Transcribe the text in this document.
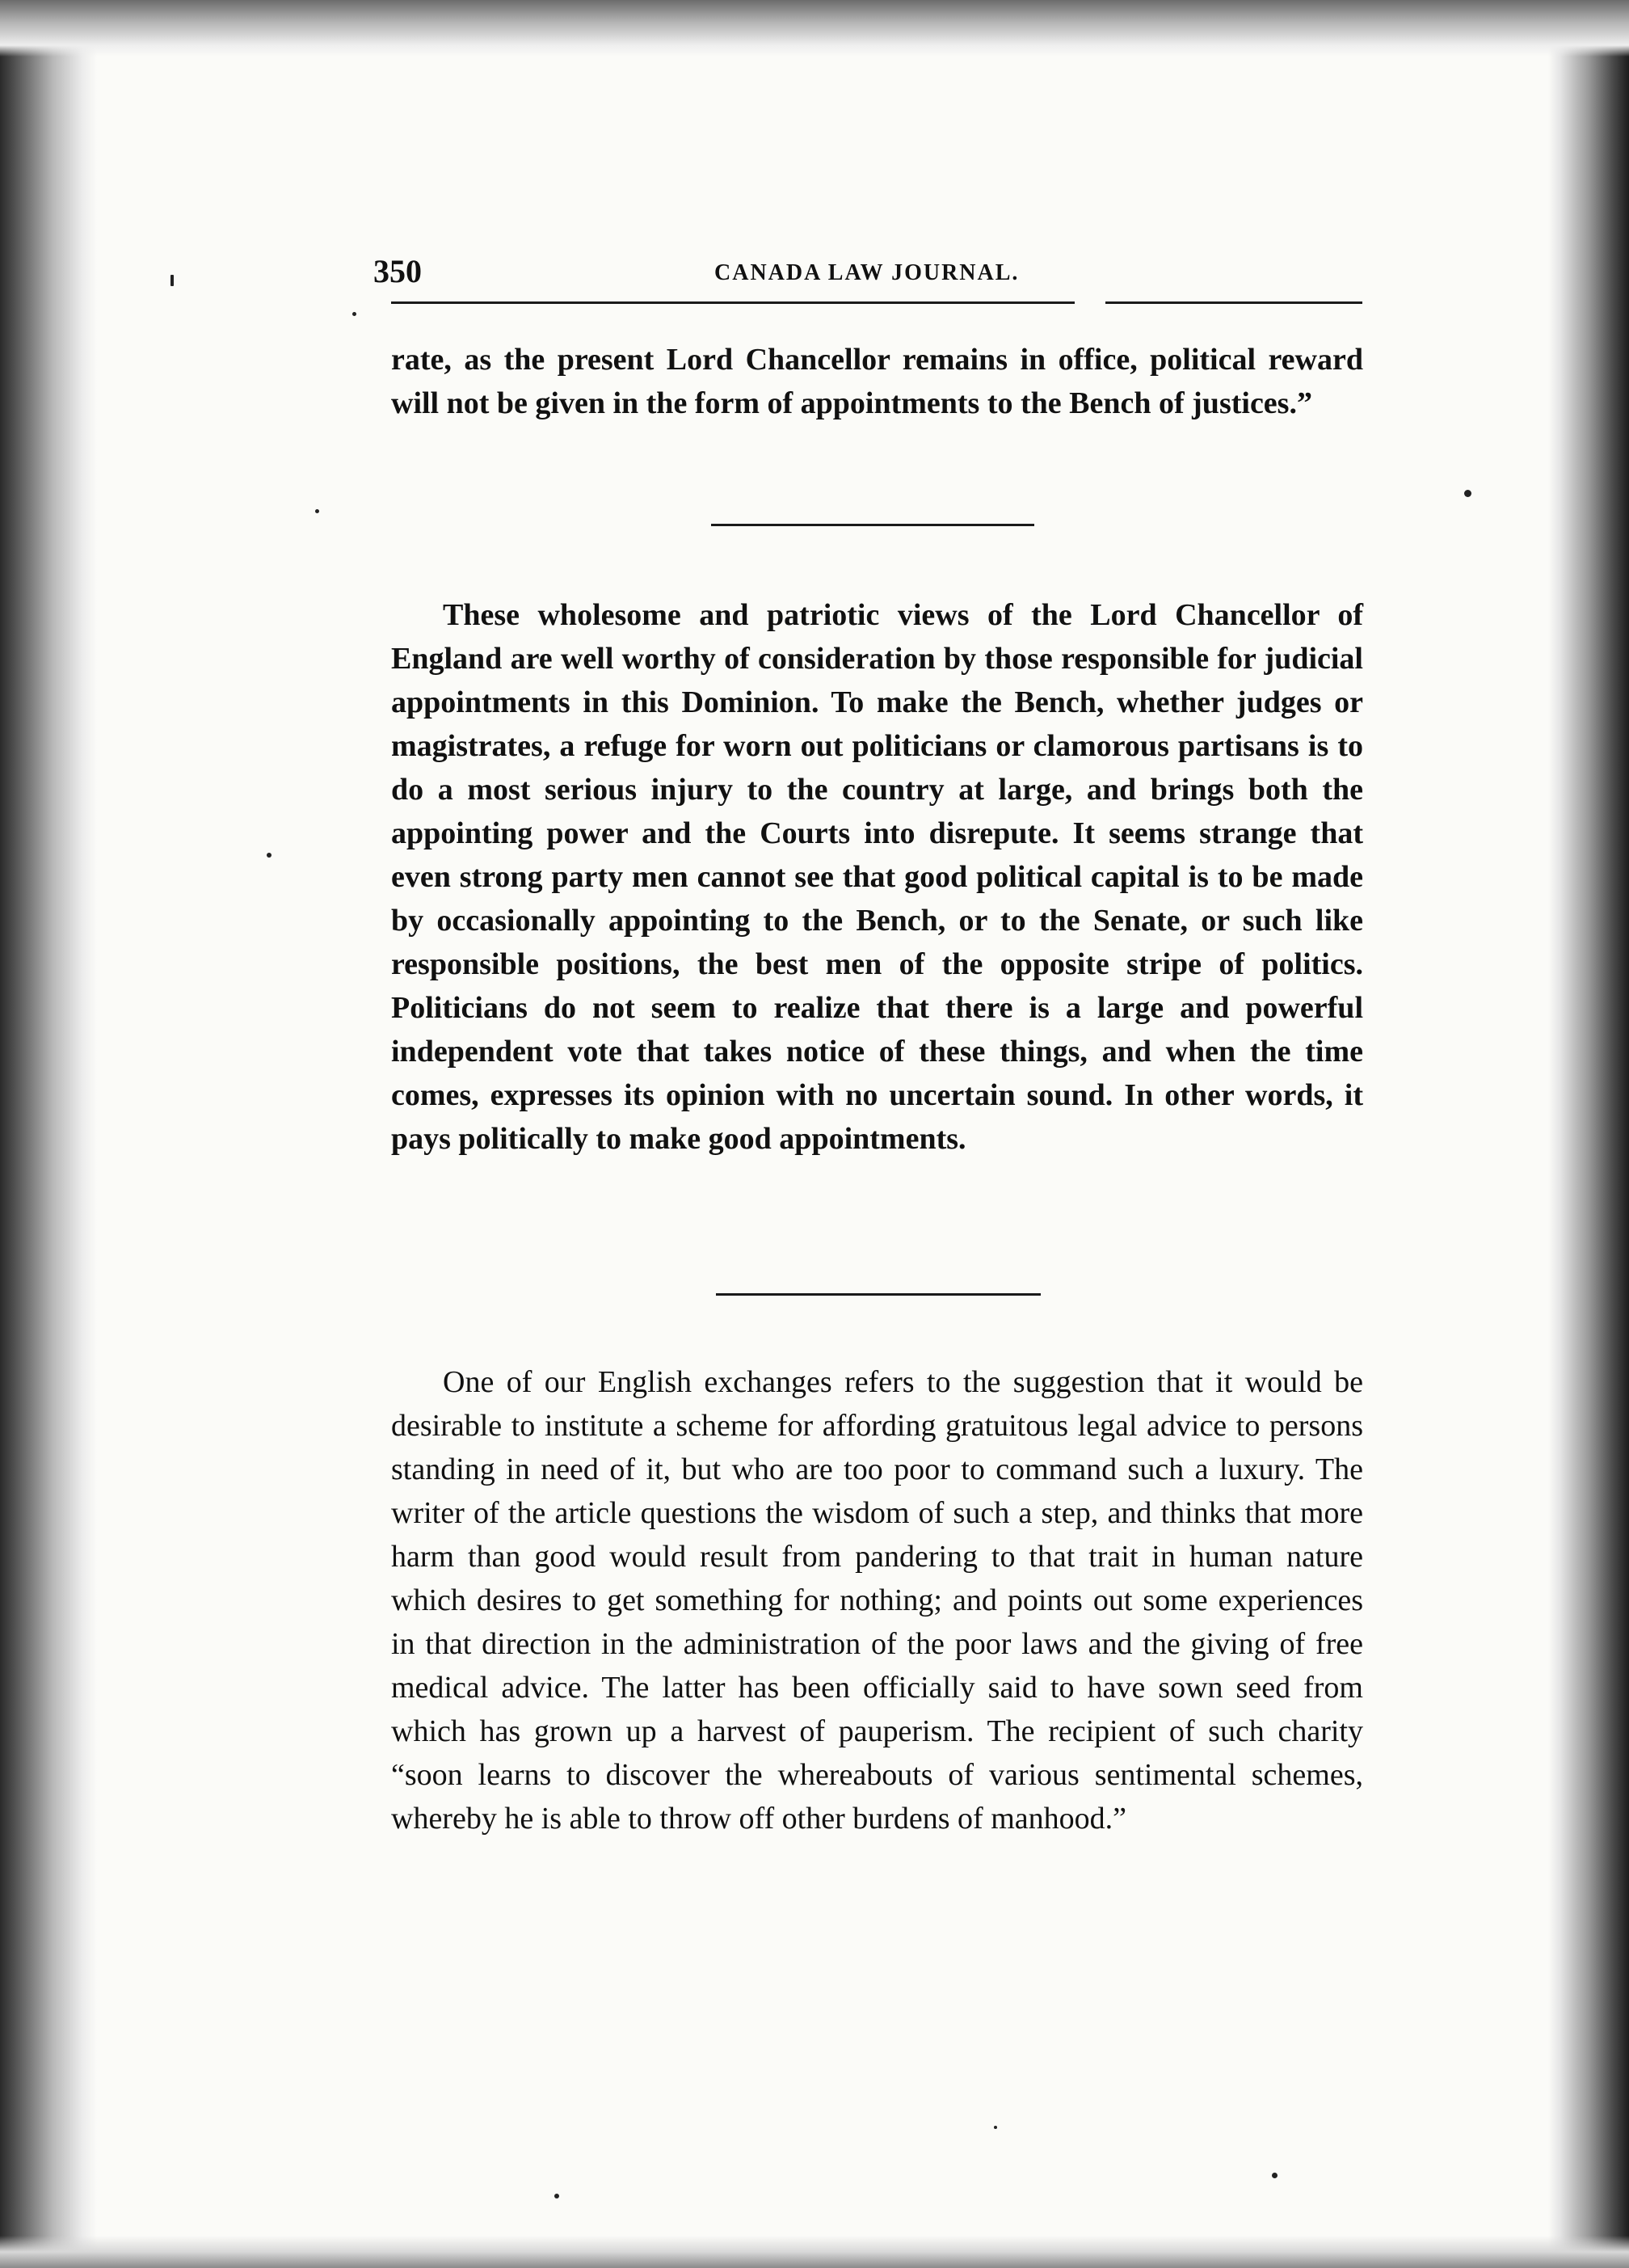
350	CANADA LAW JOURNAL.

rate, as the present Lord Chancellor remains in office, political reward will not be given in the form of appointments to the Bench of justices.”

These wholesome and patriotic views of the Lord Chancellor of England are well worthy of consideration by those responsible for judicial appointments in this Dominion. To make the Bench, whether judges or magistrates, a refuge for worn out politicians or clamorous partisans is to do a most serious injury to the country at large, and brings both the appointing power and the Courts into disrepute. It seems strange that even strong party men cannot see that good political capital is to be made by occasionally appointing to the Bench, or to the Senate, or such like responsible positions, the best men of the opposite stripe of politics. Politicians do not seem to realize that there is a large and powerful independent vote that takes notice of these things, and when the time comes, expresses its opinion with no uncertain sound. In other words, it pays politically to make good appointments.

One of our English exchanges refers to the suggestion that it would be desirable to institute a scheme for affording gratuitous legal advice to persons standing in need of it, but who are too poor to command such a luxury. The writer of the article questions the wisdom of such a step, and thinks that more harm than good would result from pandering to that trait in human nature which desires to get something for nothing; and points out some experiences in that direction in the administration of the poor laws and the giving of free medical advice. The latter has been officially said to have sown seed from which has grown up a harvest of pauperism. The recipient of such charity “soon learns to discover the whereabouts of various sentimental schemes, whereby he is able to throw off other burdens of manhood.”
